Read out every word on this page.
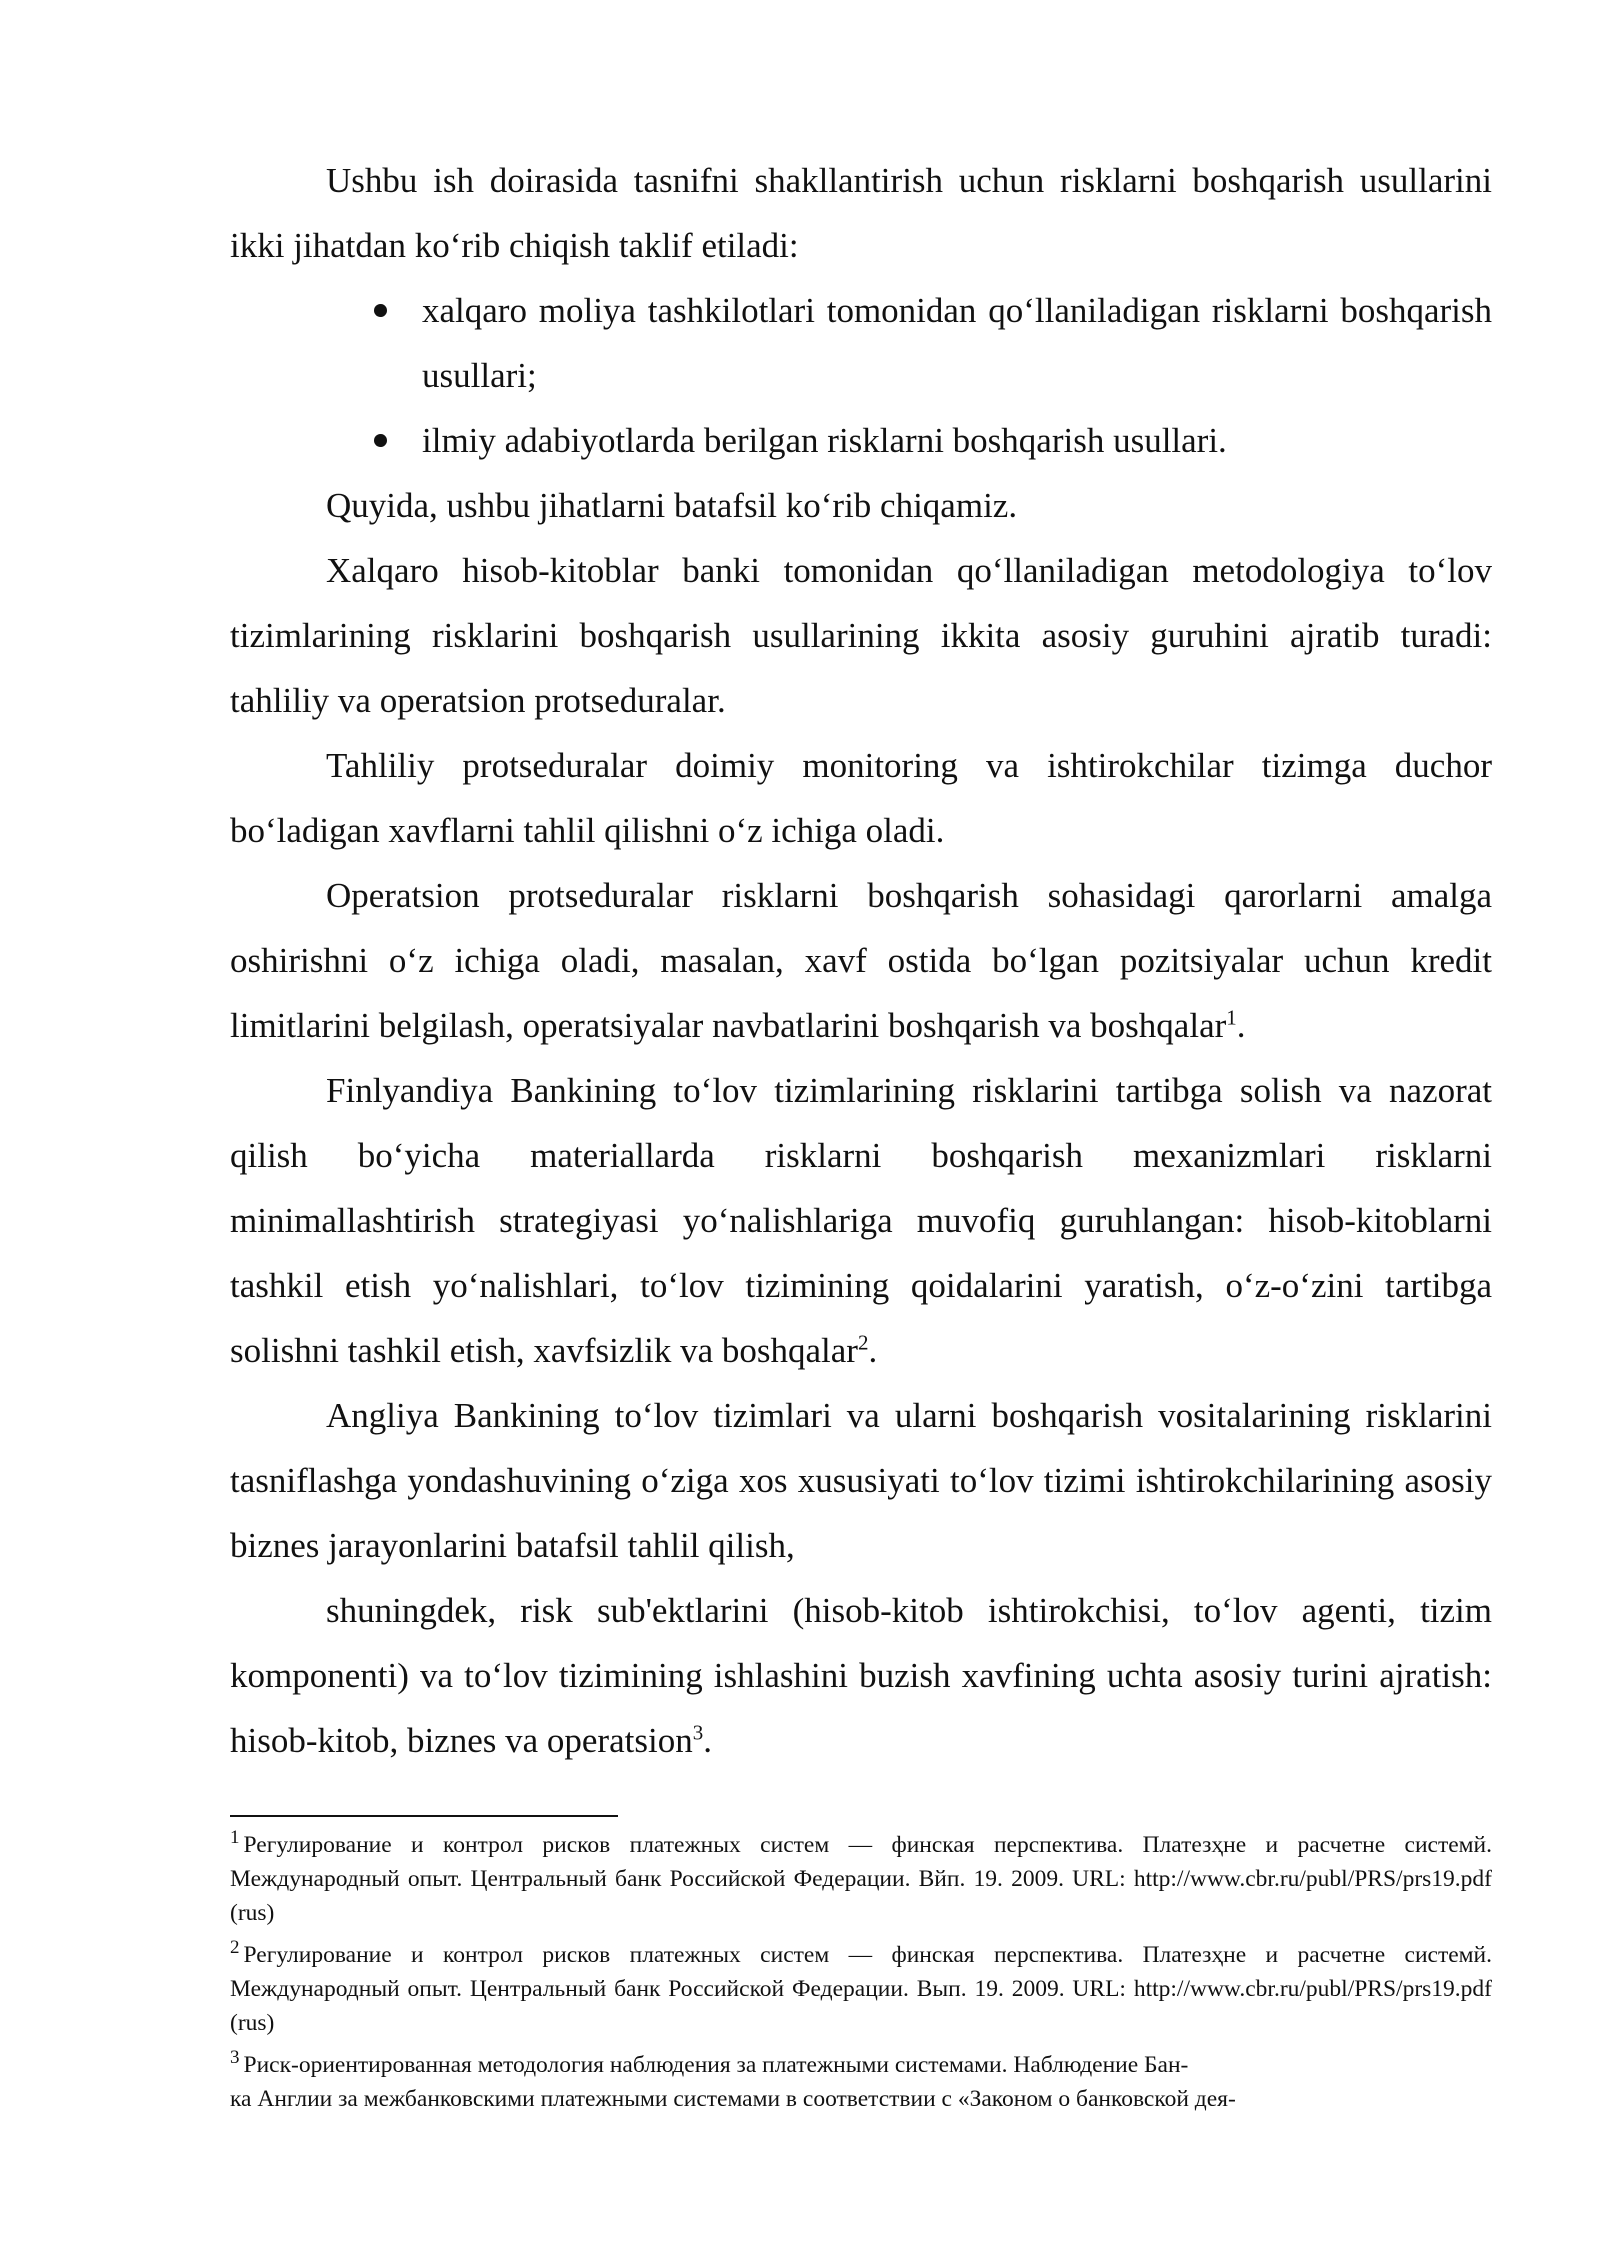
Ushbu ish doirasida tasnifni shakllantirish uchun risklarni boshqarish usullarini ikki jihatdan ko‘rib chiqish taklif etiladi:

xalqaro moliya tashkilotlari tomonidan qo‘llaniladigan risklarni boshqarish usullari;
ilmiy adabiyotlarda berilgan risklarni boshqarish usullari.

Quyida, ushbu jihatlarni batafsil ko‘rib chiqamiz.

Xalqaro hisob-kitoblar banki tomonidan qo‘llaniladigan metodologiya to‘lov tizimlarining risklarini boshqarish usullarining ikkita asosiy guruhini ajratib turadi: tahliliy va operatsion protseduralar.

Tahliliy protseduralar doimiy monitoring va ishtirokchilar tizimga duchor bo‘ladigan xavflarni tahlil qilishni o‘z ichiga oladi.

Operatsion protseduralar risklarni boshqarish sohasidagi qarorlarni amalga oshirishni o‘z ichiga oladi, masalan, xavf ostida bo‘lgan pozitsiyalar uchun kredit limitlarini belgilash, operatsiyalar navbatlarini boshqarish va boshqalar$^1$.

Finlyandiya Bankining to‘lov tizimlarining risklarini tartibga solish va nazorat qilish bo‘yicha materiallarda risklarni boshqarish mexanizmlari risklarni minimallashtirish strategiyasi yo‘nalishlariga muvofiq guruhlangan: hisob-kitoblarni tashkil etish yo‘nalishlari, to‘lov tizimining qoidalarini yaratish, o‘z-o‘zini tartibga solishni tashkil etish, xavfsizlik va boshqalar$^2$.

Angliya Bankining to‘lov tizimlari va ularni boshqarish vositalarining risklarini tasniflashga yondashuvining o‘ziga xos xususiyati to‘lov tizimi ishtirokchilarining asosiy biznes jarayonlarini batafsil tahlil qilish,

shuningdek, risk sub'ektlarini (hisob-kitob ishtirokchisi, to‘lov agenti, tizim komponenti) va to‘lov tizimining ishlashini buzish xavfining uchta asosiy turini ajratish: hisob-kitob, biznes va operatsion$^3$.

$^1$ Регулирование и контрол рисков платежных систем — финская перспектива. Платезҳне и расчетне системй. Международный опыт. Центральный банк Российской Федерации. Вйп. 19. 2009. URL: http://www.cbr.ru/publ/PRS/prs19.pdf (rus)

$^2$ Регулирование и контрол рисков платежных систем — финская перспектива. Платезҳне и расчетне системй. Международный опыт. Центральный банк Российской Федерации. Вып. 19. 2009. URL: http://www.cbr.ru/publ/PRS/prs19.pdf (rus)

$^3$ Риск-ориентированная методология наблюдения за платежными системами. Наблюдение Бан-
ка Англии за межбанковскими платежными системами в соответствии с «Законом о банковской дея-
